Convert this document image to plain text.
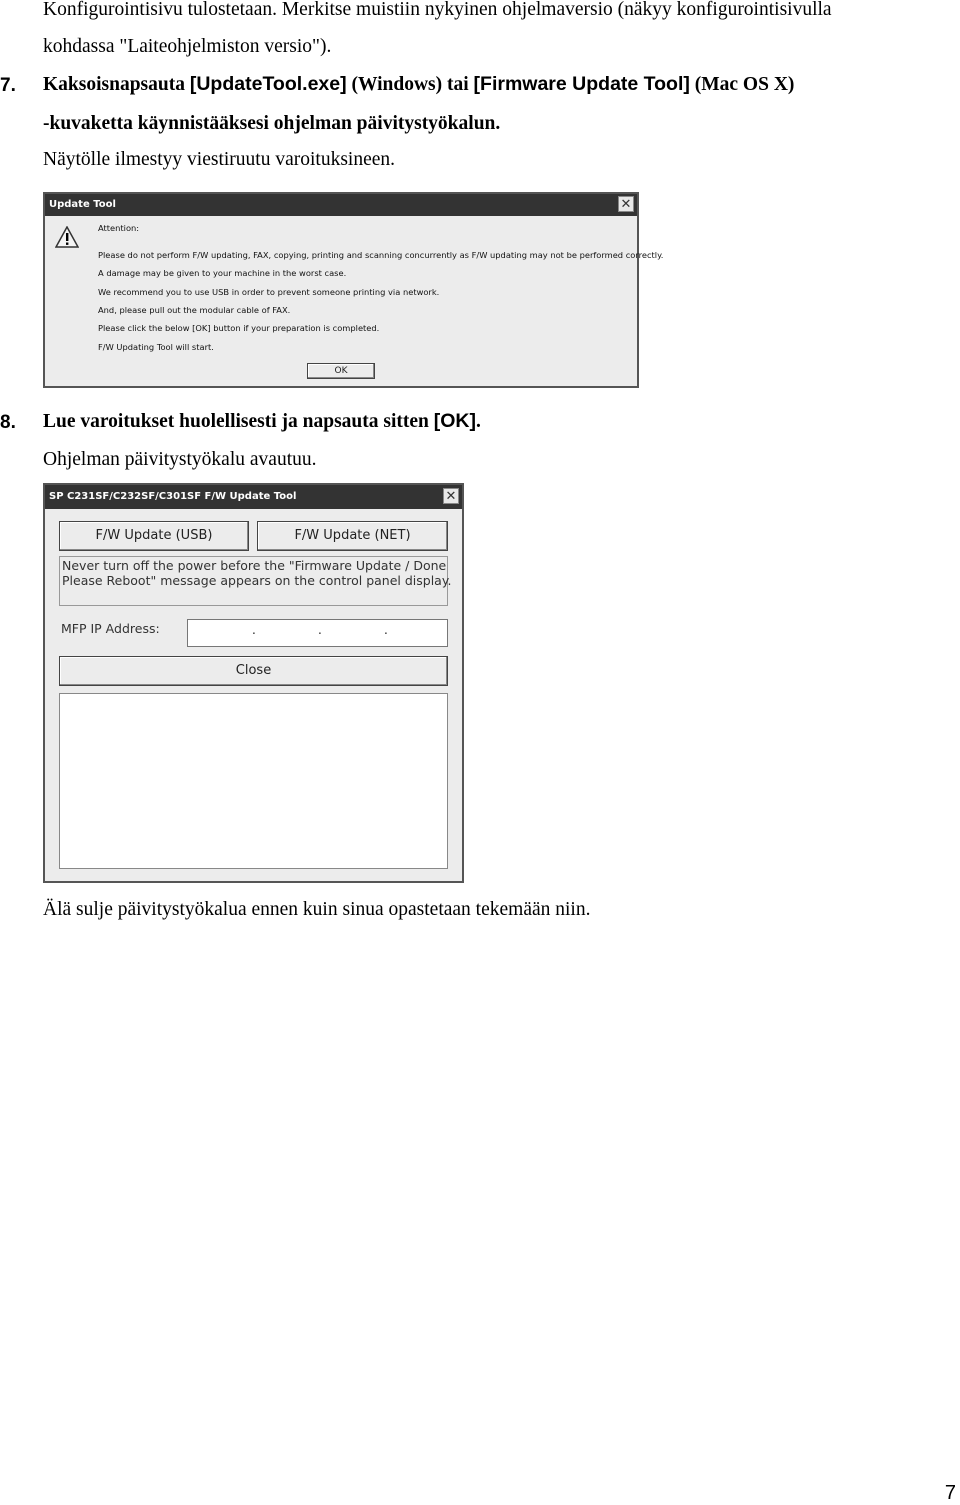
Konfigurointisivu tulostetaan. Merkitse muistiin nykyinen ohjelmaversio (näkyy konfigurointisivulla
kohdassa "Laiteohjelmiston versio").
7. Kaksoisnapsauta [UpdateTool.exe] (Windows) tai [Firmware Update Tool] (Mac OS X)
-kuvaketta käynnistääksesi ohjelman päivitystyökalun.
Näytölle ilmestyy viestiruutu varoituksineen.
Update Tool	✕
Attention:
Please do not perform F/W updating, FAX, copying, printing and scanning concurrently as F/W updating may not be performed correctly.
A damage may be given to your machine in the worst case.
We recommend you to use USB in order to prevent someone printing via network.
And, please pull out the modular cable of FAX.
Please click the below [OK] button if your preparation is completed.
F/W Updating Tool will start.
OK
8. Lue varoitukset huolellisesti ja napsauta sitten [OK].
Ohjelman päivitystyökalu avautuu.
SP C231SF/C232SF/C301SF F/W Update Tool	✕
F/W Update (USB)	F/W Update (NET)
Never turn off the power before the "Firmware Update / Done
Please Reboot" message appears on the control panel display.
MFP IP Address:	.	.	.
Close
Älä sulje päivitystyökalua ennen kuin sinua opastetaan tekemään niin.
7
